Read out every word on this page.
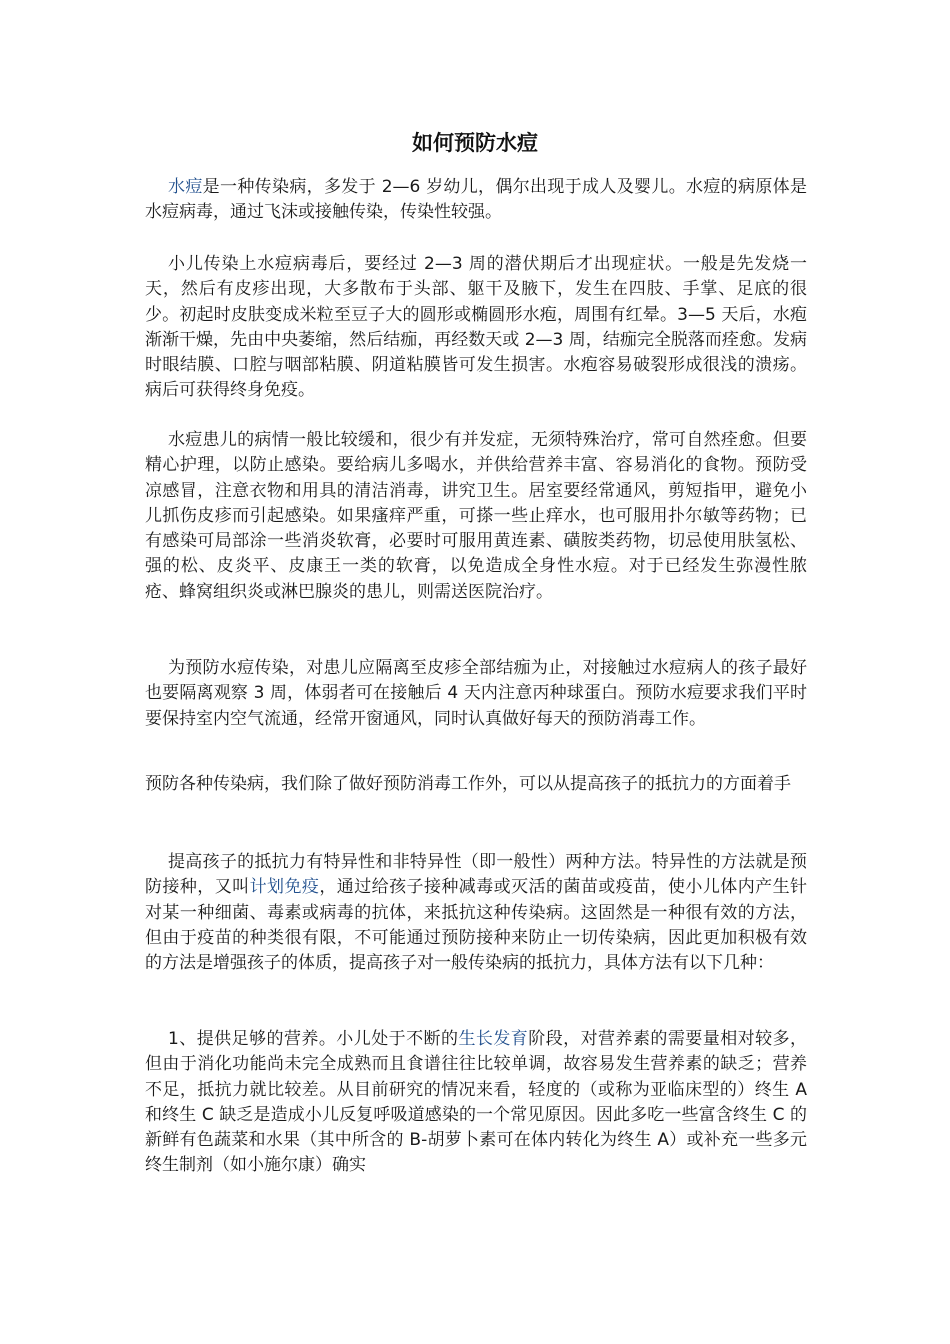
如何预防水痘

水痘是一种传染病，多发于 2—6 岁幼儿，偶尔出现于成人及婴儿。水痘的病原体是水痘病毒，通过飞沫或接触传染，传染性较强。

小儿传染上水痘病毒后，要经过 2—3 周的潜伏期后才出现症状。一般是先发烧一天，然后有皮疹出现，大多散布于头部、躯干及腋下，发生在四肢、手掌、足底的很少。初起时皮肤变成米粒至豆子大的圆形或椭圆形水疱，周围有红晕。3—5 天后，水疱渐渐干燥，先由中央萎缩，然后结痂，再经数天或 2—3 周，结痂完全脱落而痊愈。发病时眼结膜、口腔与咽部粘膜、阴道粘膜皆可发生损害。水疱容易破裂形成很浅的溃疡。病后可获得终身免疫。

水痘患儿的病情一般比较缓和，很少有并发症，无须特殊治疗，常可自然痊愈。但要精心护理，以防止感染。要给病儿多喝水，并供给营养丰富、容易消化的食物。预防受凉感冒，注意衣物和用具的清洁消毒，讲究卫生。居室要经常通风，剪短指甲，避免小儿抓伤皮疹而引起感染。如果瘙痒严重，可搽一些止痒水，也可服用扑尔敏等药物；已有感染可局部涂一些消炎软膏，必要时可服用黄连素、磺胺类药物，切忌使用肤氢松、强的松、皮炎平、皮康王一类的软膏，以免造成全身性水痘。对于已经发生弥漫性脓疮、蜂窝组织炎或淋巴腺炎的患儿，则需送医院治疗。

为预防水痘传染，对患儿应隔离至皮疹全部结痂为止，对接触过水痘病人的孩子最好也要隔离观察 3 周，体弱者可在接触后 4 天内注意丙种球蛋白。预防水痘要求我们平时要保持室内空气流通，经常开窗通风，同时认真做好每天的预防消毒工作。

预防各种传染病，我们除了做好预防消毒工作外，可以从提高孩子的抵抗力的方面着手

提高孩子的抵抗力有特异性和非特异性（即一般性）两种方法。特异性的方法就是预防接种，又叫计划免疫，通过给孩子接种减毒或灭活的菌苗或疫苗，使小儿体内产生针对某一种细菌、毒素或病毒的抗体，来抵抗这种传染病。这固然是一种很有效的方法，但由于疫苗的种类很有限，不可能通过预防接种来防止一切传染病，因此更加积极有效的方法是增强孩子的体质，提高孩子对一般传染病的抵抗力，具体方法有以下几种：

1、提供足够的营养。小儿处于不断的生长发育阶段，对营养素的需要量相对较多，但由于消化功能尚未完全成熟而且食谱往往比较单调，故容易发生营养素的缺乏；营养不足，抵抗力就比较差。从目前研究的情况来看，轻度的（或称为亚临床型的）终生 A 和终生 C 缺乏是造成小儿反复呼吸道感染的一个常见原因。因此多吃一些富含终生 C 的新鲜有色蔬菜和水果（其中所含的 B-胡萝卜素可在体内转化为终生 A）或补充一些多元终生制剂（如小施尔康）确实
